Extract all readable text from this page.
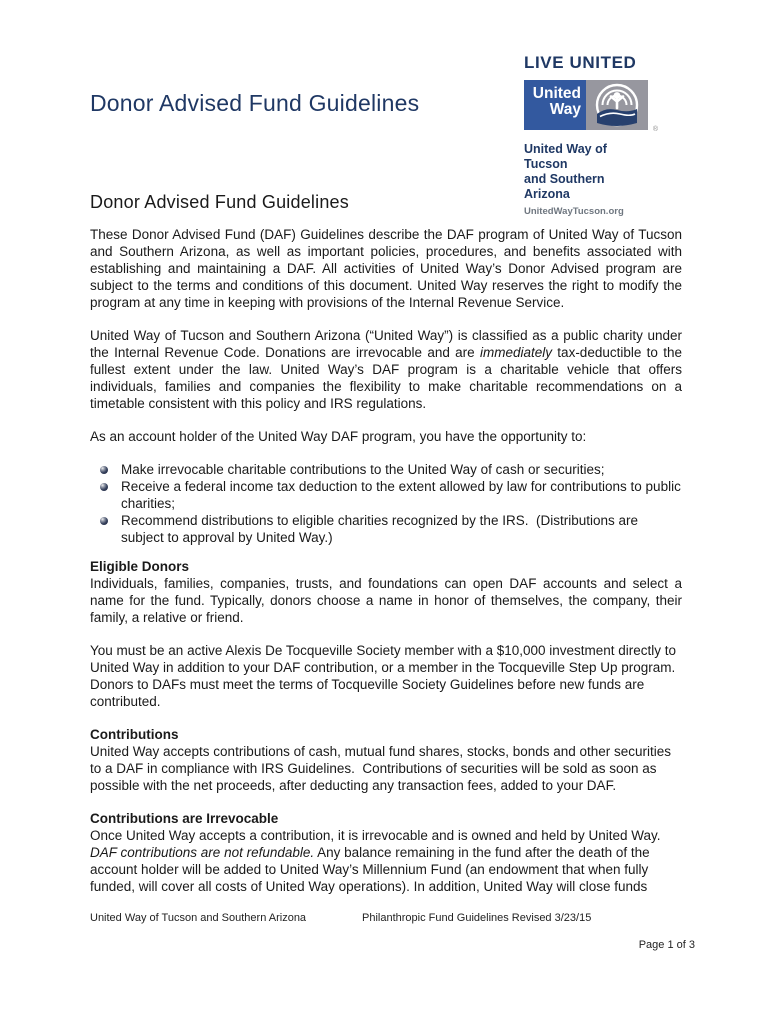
Donor Advised Fund Guidelines
LIVE UNITED
United
Way
®
United Way of Tucson
and Southern Arizona
UnitedWayTucson.org
Donor Advised Fund Guidelines

These Donor Advised Fund (DAF) Guidelines describe the DAF program of United Way of Tucson and Southern Arizona, as well as important policies, procedures, and benefits associated with establishing and maintaining a DAF. All activities of United Way’s Donor Advised program are subject to the terms and conditions of this document. United Way reserves the right to modify the program at any time in keeping with provisions of the Internal Revenue Service.

United Way of Tucson and Southern Arizona (“United Way”) is classified as a public charity under the Internal Revenue Code. Donations are irrevocable and are immediately tax-deductible to the fullest extent under the law. United Way’s DAF program is a charitable vehicle that offers individuals, families and companies the flexibility to make charitable recommendations on a timetable consistent with this policy and IRS regulations.

As an account holder of the United Way DAF program, you have the opportunity to:

Make irrevocable charitable contributions to the United Way of cash or securities;
Receive a federal income tax deduction to the extent allowed by law for contributions to public charities;
Recommend distributions to eligible charities recognized by the IRS.  (Distributions are subject to approval by United Way.)
Eligible Donors

Individuals, families, companies, trusts, and foundations can open DAF accounts and select a name for the fund. Typically, donors choose a name in honor of themselves, the company, their family, a relative or friend.

You must be an active Alexis De Tocqueville Society member with a $10,000 investment directly to United Way in addition to your DAF contribution, or a member in the Tocqueville Step Up program. Donors to DAFs must meet the terms of Tocqueville Society Guidelines before new funds are contributed.

Contributions

United Way accepts contributions of cash, mutual fund shares, stocks, bonds and other securities to a DAF in compliance with IRS Guidelines.  Contributions of securities will be sold as soon as possible with the net proceeds, after deducting any transaction fees, added to your DAF.

Contributions are Irrevocable

Once United Way accepts a contribution, it is irrevocable and is owned and held by United Way. DAF contributions are not refundable. Any balance remaining in the fund after the death of the account holder will be added to United Way’s Millennium Fund (an endowment that when fully funded, will cover all costs of United Way operations). In addition, United Way will close funds

United Way of Tucson and Southern Arizona	Philanthropic Fund Guidelines Revised 3/23/15
Page 1 of 3
